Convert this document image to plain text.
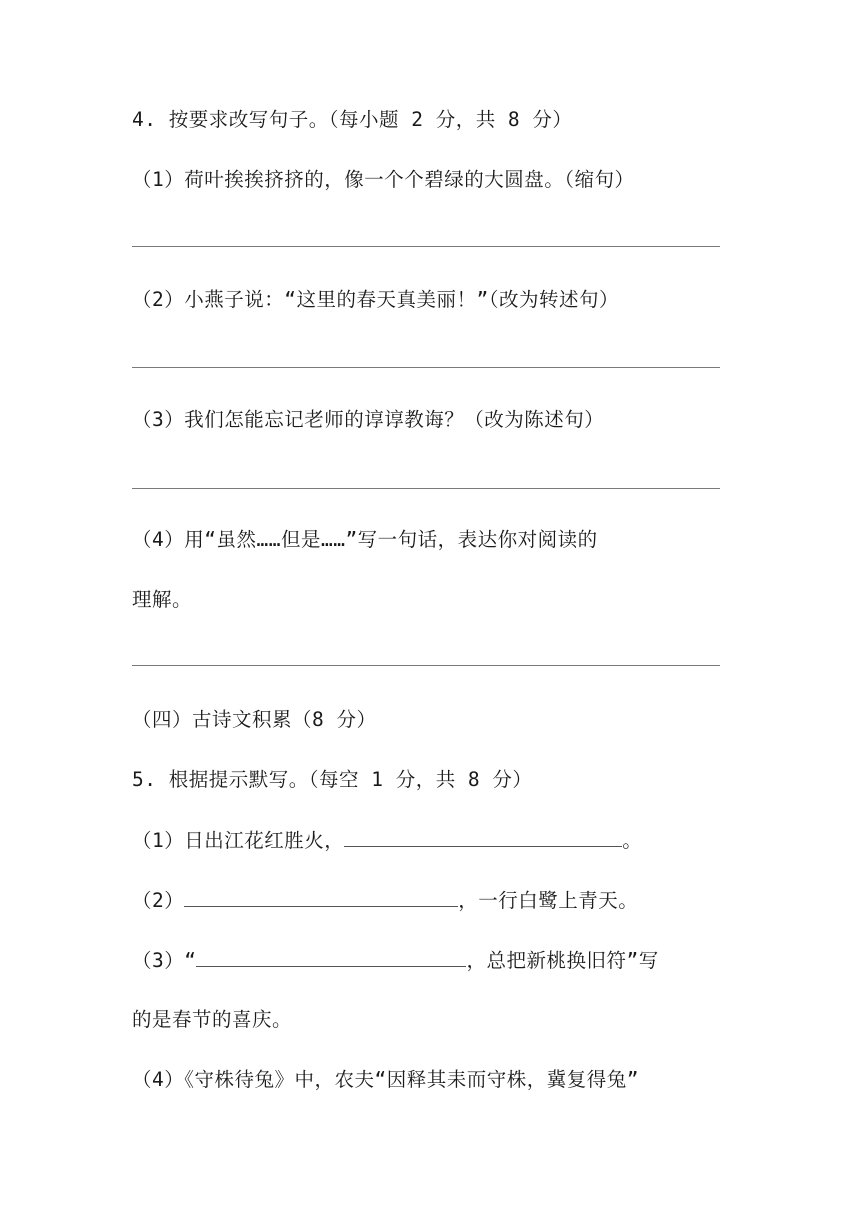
4. 按要求改写句子。（每小题 2 分，共 8 分）
（1）荷叶挨挨挤挤的，像一个个碧绿的大圆盘。（缩句）
（2）小燕子说：“这里的春天真美丽！”（改为转述句）
（3）我们怎能忘记老师的谆谆教诲？（改为陈述句）
（4）用“虽然……但是……”写一句话，表达你对阅读的
理解。
（四）古诗文积累（8 分）
5. 根据提示默写。（每空 1 分，共 8 分）
（1）日出江花红胜火，	。
（2）	，一行白鹭上青天。
（3）“	，总把新桃换旧符”写
的是春节的喜庆。
（4）《守株待兔》中，农夫“因释其耒而守株，冀复得兔”
